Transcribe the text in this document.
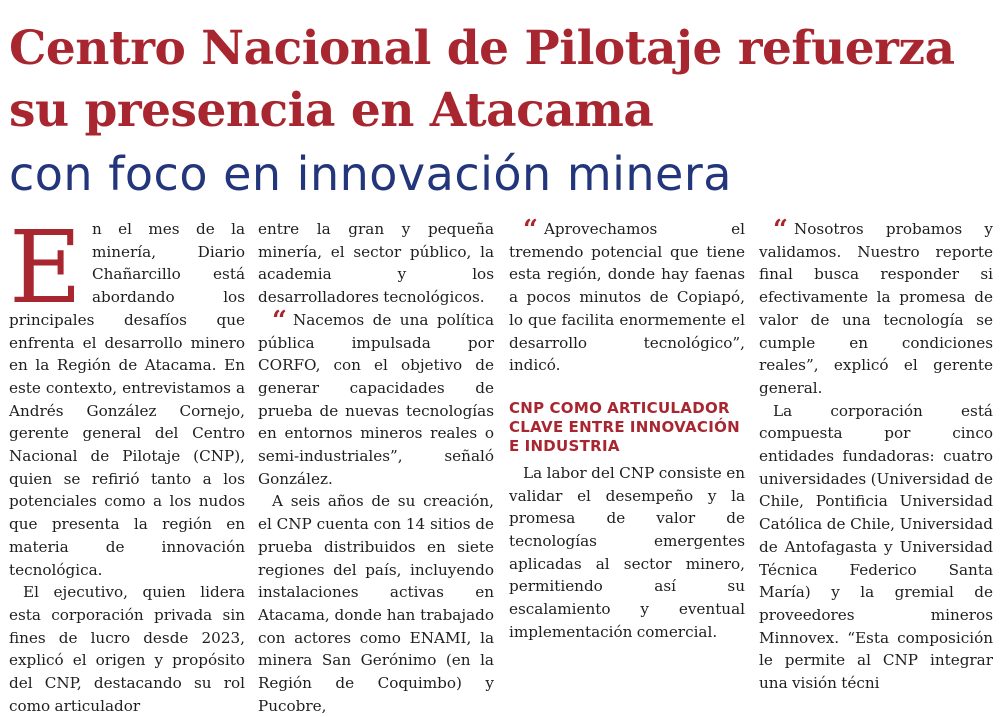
Centro Nacional de Pilotaje refuerza
su presencia en Atacama
con foco en innovación minera

En el mes de la minería, Diario Chañarcillo está abordando los principales desafíos que enfrenta el desarrollo minero en la Región de Atacama. En este contexto, entrevistamos a Andrés González Cornejo, gerente general del Centro Nacional de Pilotaje (CNP), quien se refirió tanto a los potenciales como a los nudos que presenta la región en materia de innovación tecnológica.

El ejecutivo, quien lidera esta corporación privada sin fines de lucro desde 2023, explicó el origen y propósito del CNP, destacando su rol como articulador

entre la gran y pequeña minería, el sector público, la academia y los desarrolladores tecnológicos.

“ Nacemos de una política pública impulsada por CORFO, con el objetivo de generar capacidades de prueba de nuevas tecnologías en entornos mineros reales o semi-industriales”, señaló González.

A seis años de su creación, el CNP cuenta con 14 sitios de prueba distribuidos en siete regiones del país, incluyendo instalaciones activas en Atacama, donde han trabajado con actores como ENAMI, la minera San Gerónimo (en la Región de Coquimbo) y Pucobre,

“ Aprovechamos el tremendo potencial que tiene esta región, donde hay faenas a pocos minutos de Copiapó, lo que facilita enormemente el desarrollo tecnológico”, indicó.

CNP COMO ARTICULADOR CLAVE ENTRE INNOVACIÓN E INDUSTRIA

La labor del CNP consiste en validar el desempeño y la promesa de valor de tecnologías emergentes aplicadas al sector minero, permitiendo así su escalamiento y eventual implementación comercial.

“ Nosotros probamos y validamos. Nuestro reporte final busca responder si efectivamente la promesa de valor de una tecnología se cumple en condiciones reales”, explicó el gerente general.

La corporación está compuesta por cinco entidades fundadoras: cuatro universidades (Universidad de Chile, Pontificia Universidad Católica de Chile, Universidad de Antofagasta y Universidad Técnica Federico Santa María) y la gremial de proveedores mineros Minnovex. “Esta composición le permite al CNP integrar una visión técni
